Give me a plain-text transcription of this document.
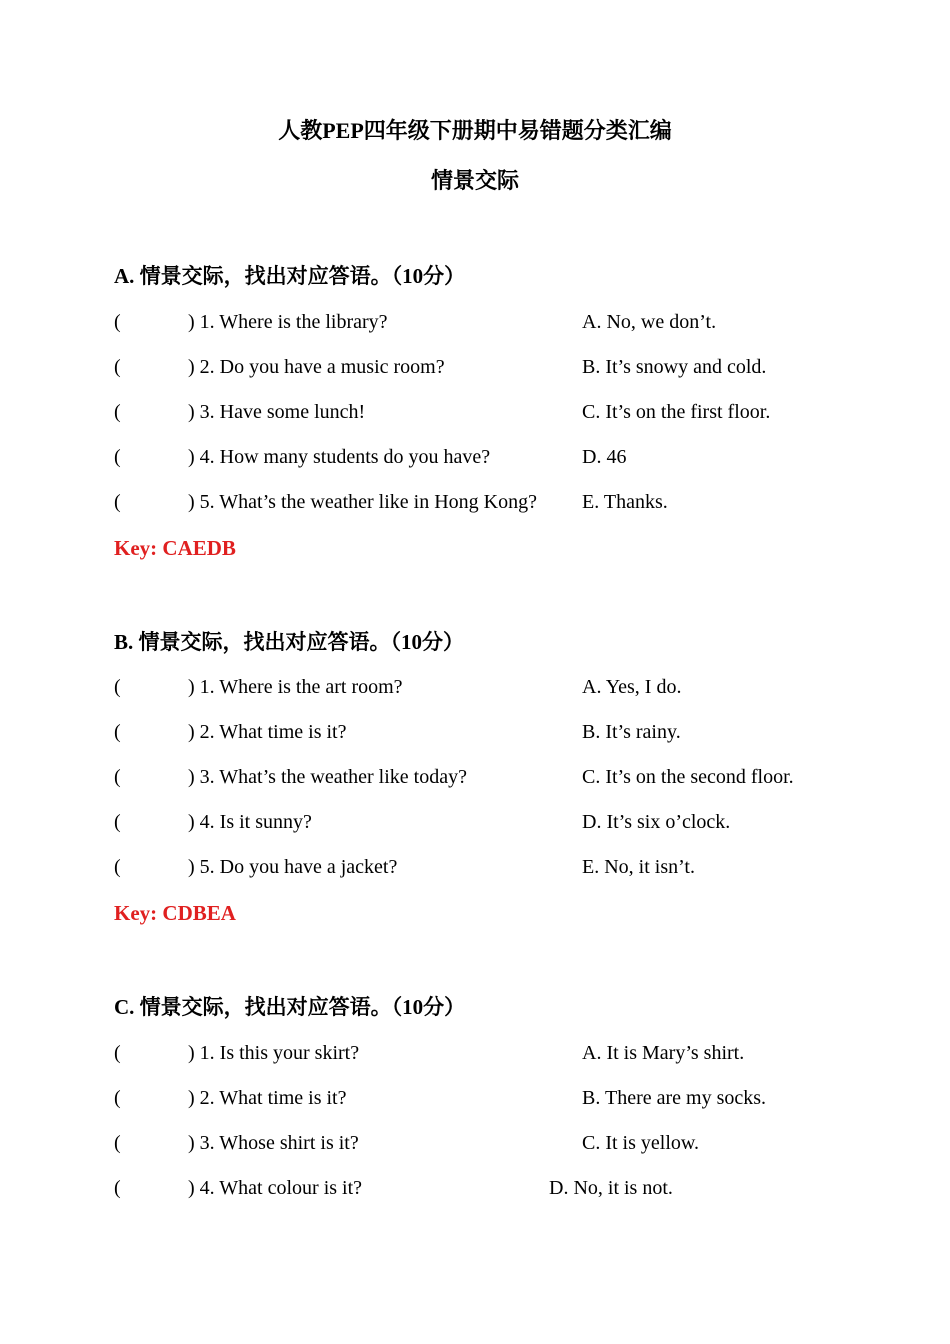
人教PEP四年级下册期中易错题分类汇编
情景交际
A. 情景交际，找出对应答语。（10分）
(	) 1. Where is the library?	A. No, we don’t.
(	) 2. Do you have a music room?	B. It’s snowy and cold.
(	) 3. Have some lunch!	C. It’s on the first floor.
(	) 4. How many students do you have?	D. 46
(	) 5. What’s the weather like in Hong Kong? E. Thanks.
Key: CAEDB
B. 情景交际，找出对应答语。（10分）
(	) 1. Where is the art room?	A. Yes, I do.
(	) 2. What time is it?	B. It’s rainy.
(	) 3. What’s the weather like today?	C. It’s on the second floor.
(	) 4. Is it sunny?	D. It’s six o’clock.
(	) 5. Do you have a jacket?	E. No, it isn’t.
Key: CDBEA
C. 情景交际，找出对应答语。（10分）
(	) 1. Is this your skirt?	A. It is Mary’s shirt.
(	) 2. What time is it?	B. There are my socks.
(	) 3. Whose shirt is it?	C. It is yellow.
(	) 4. What colour is it?	D. No, it is not.
